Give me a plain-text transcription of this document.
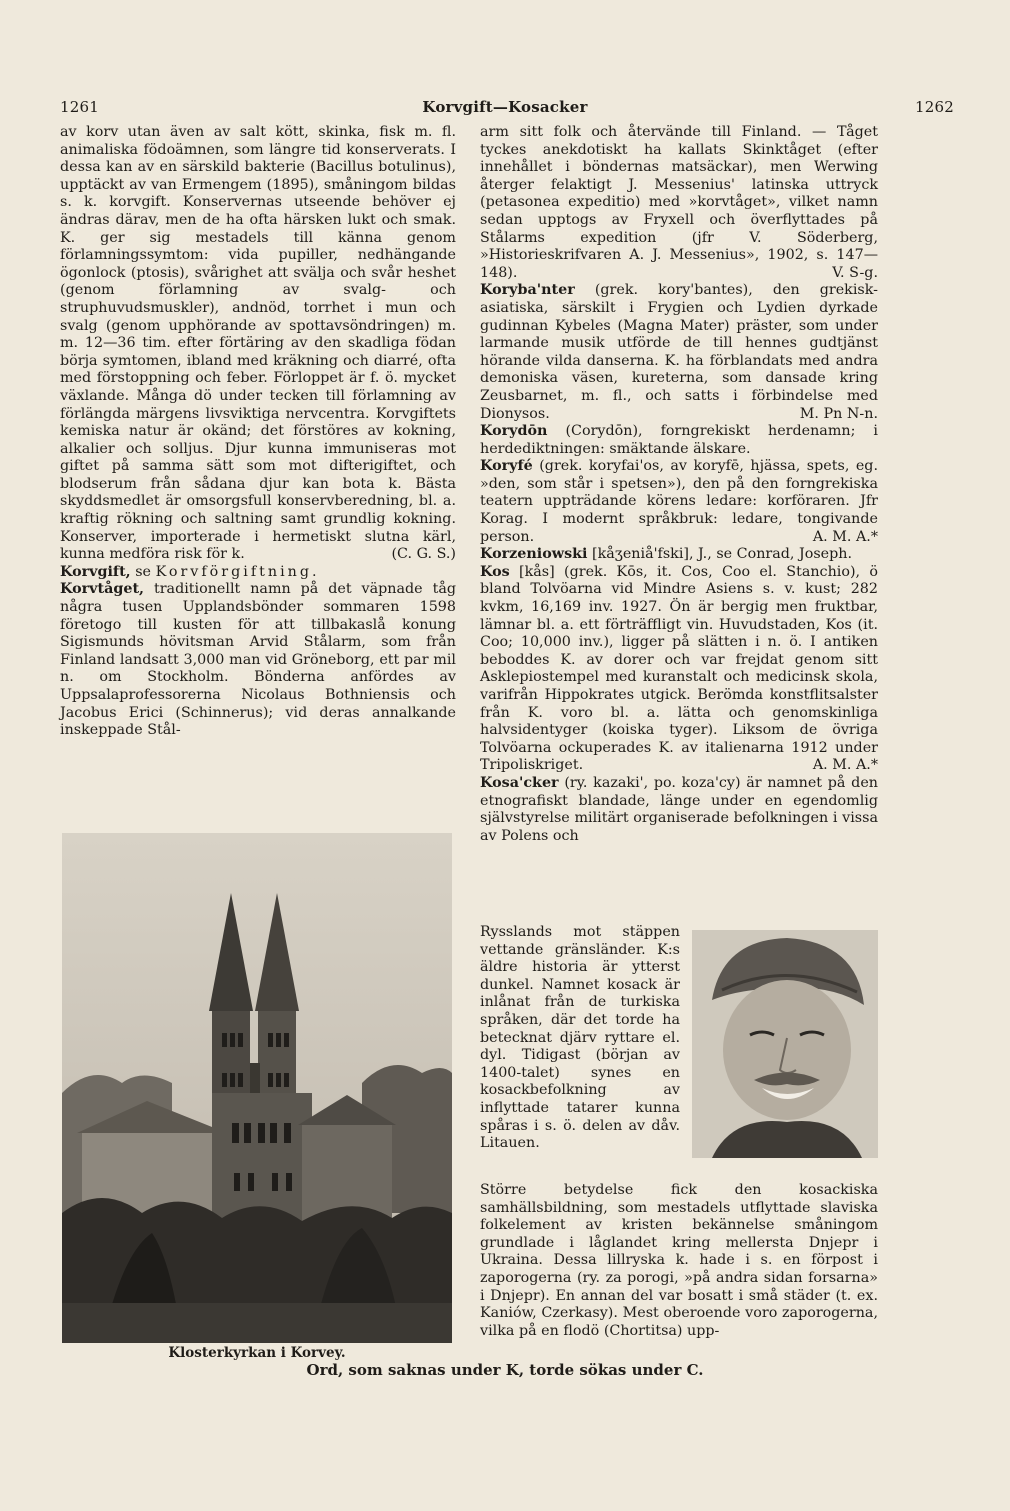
1261	Korvgift—Kosacker	1262

av korv utan även av salt kött, skinka, fisk m. fl. animaliska födoämnen, som längre tid konserverats. I dessa kan av en särskild bakterie (Bacillus botulinus), upptäckt av van Ermengem (1895), småningom bildas s. k. korvgift. Konservernas utseende behöver ej ändras därav, men de ha ofta härsken lukt och smak. K. ger sig mestadels till känna genom förlamningssymtom: vida pupiller, nedhängande ögonlock (ptosis), svårighet att svälja och svår heshet (genom förlamning av svalg- och struphuvudsmuskler), andnöd, torrhet i mun och svalg (genom upphörande av spottavsöndringen) m. m. 12—36 tim. efter förtäring av den skadliga födan börja symtomen, ibland med kräkning och diarré, ofta med förstoppning och feber. Förloppet är f. ö. mycket växlande. Många dö under tecken till förlamning av förlängda märgens livsviktiga nervcentra. Korvgiftets kemiska natur är okänd; det förstöres av kokning, alkalier och solljus. Djur kunna immuniseras mot giftet på samma sätt som mot difterigiftet, och blodserum från sådana djur kan bota k. Bästa skyddsmedlet är omsorgsfull konservberedning, bl. a. kraftig rökning och saltning samt grundlig kokning. Konserver, importerade i hermetiskt slutna kärl, kunna medföra risk för k.	(C. G. S.)

Korvgift, se Korvförgiftning.

Korvtåget, traditionellt namn på det väpnade tåg några tusen Upplandsbönder sommaren 1598 företogo till kusten för att tillbakaslå konung Sigismunds hövitsman Arvid Stålarm, som från Finland landsatt 3,000 man vid Gröneborg, ett par mil n. om Stockholm. Bönderna anfördes av Uppsalaprofessorerna Nicolaus Bothniensis och Jacobus Erici (Schinnerus); vid deras annalkande inskeppade Stål-

Klosterkyrkan i Korvey.

arm sitt folk och återvände till Finland. — Tåget tyckes anekdotiskt ha kallats Skinktåget (efter innehållet i böndernas matsäckar), men Werwing återger felaktigt J. Messenius' latinska uttryck (petasonea expeditio) med »korvtåget», vilket namn sedan upptogs av Fryxell och överflyttades på Stålarms expedition (jfr V. Söderberg, »Historieskrifvaren A. J. Messenius», 1902, s. 147—148).	V. S-g.

Koryba'nter (grek. kory'bantes), den grekisk-asiatiska, särskilt i Frygien och Lydien dyrkade gudinnan Kybeles (Magna Mater) präster, som under larmande musik utförde de till hennes gudtjänst hörande vilda danserna. K. ha förblandats med andra demoniska väsen, kureterna, som dansade kring Zeusbarnet, m. fl., och satts i förbindelse med Dionysos.	M. Pn N-n.

Korydōn (Corydōn), forngrekiskt herdenamn; i herdediktningen: smäktande älskare.

Koryfé (grek. koryfai'os, av koryfē, hjässa, spets, eg. »den, som står i spetsen»), den på den forngrekiska teatern uppträdande körens ledare: korföraren. Jfr Korag. I modernt språkbruk: ledare, tongivande person.	A. M. A.*

Korzeniowski [kåʒeniå'fski], J., se Conrad, Joseph.

Kos [kås] (grek. Kōs, it. Cos, Coo el. Stanchio), ö bland Tolvöarna vid Mindre Asiens s. v. kust; 282 kvkm, 16,169 inv. 1927. Ön är bergig men fruktbar, lämnar bl. a. ett förträffligt vin. Huvudstaden, Kos (it. Coo; 10,000 inv.), ligger på slätten i n. ö. I antiken beboddes K. av dorer och var frejdat genom sitt Asklepiostempel med kuranstalt och medicinsk skola, varifrån Hippokrates utgick. Berömda konstflitsalster från K. voro bl. a. lätta och genomskinliga halvsidentyger (koiska tyger). Liksom de övriga Tolvöarna ockuperades K. av italienarna 1912 under Tripoliskriget.	A. M. A.*

Kosa'cker (ry. kazaki', po. koza'cy) är namnet på den etnografiskt blandade, länge under en egendomlig självstyrelse militärt organiserade befolkningen i vissa av Polens och

Rysslands mot stäppen vettande gränsländer. K:s äldre historia är ytterst dunkel. Namnet kosack är inlånat från de turkiska språken, där det torde ha betecknat djärv ryttare el. dyl. Tidigast (början av 1400-talet) synes en kosackbefolkning av inflyttade tatarer kunna spåras i s. ö. delen av dåv. Litauen.
Större betydelse fick den kosackiska samhällsbildning, som mestadels utflyttade slaviska folkelement av kristen bekännelse småningom grundlade i låglandet kring mellersta Dnjepr i Ukraina. Dessa lillryska k. hade i s. en förpost i zaporogerna (ry. za porogi, »på andra sidan forsarna» i Dnjepr). En annan del var bosatt i små städer (t. ex. Kaniów, Czerkasy). Mest oberoende voro zaporogerna, vilka på en flodö (Chortitsa) upp-
Ord, som saknas under K, torde sökas under C.
